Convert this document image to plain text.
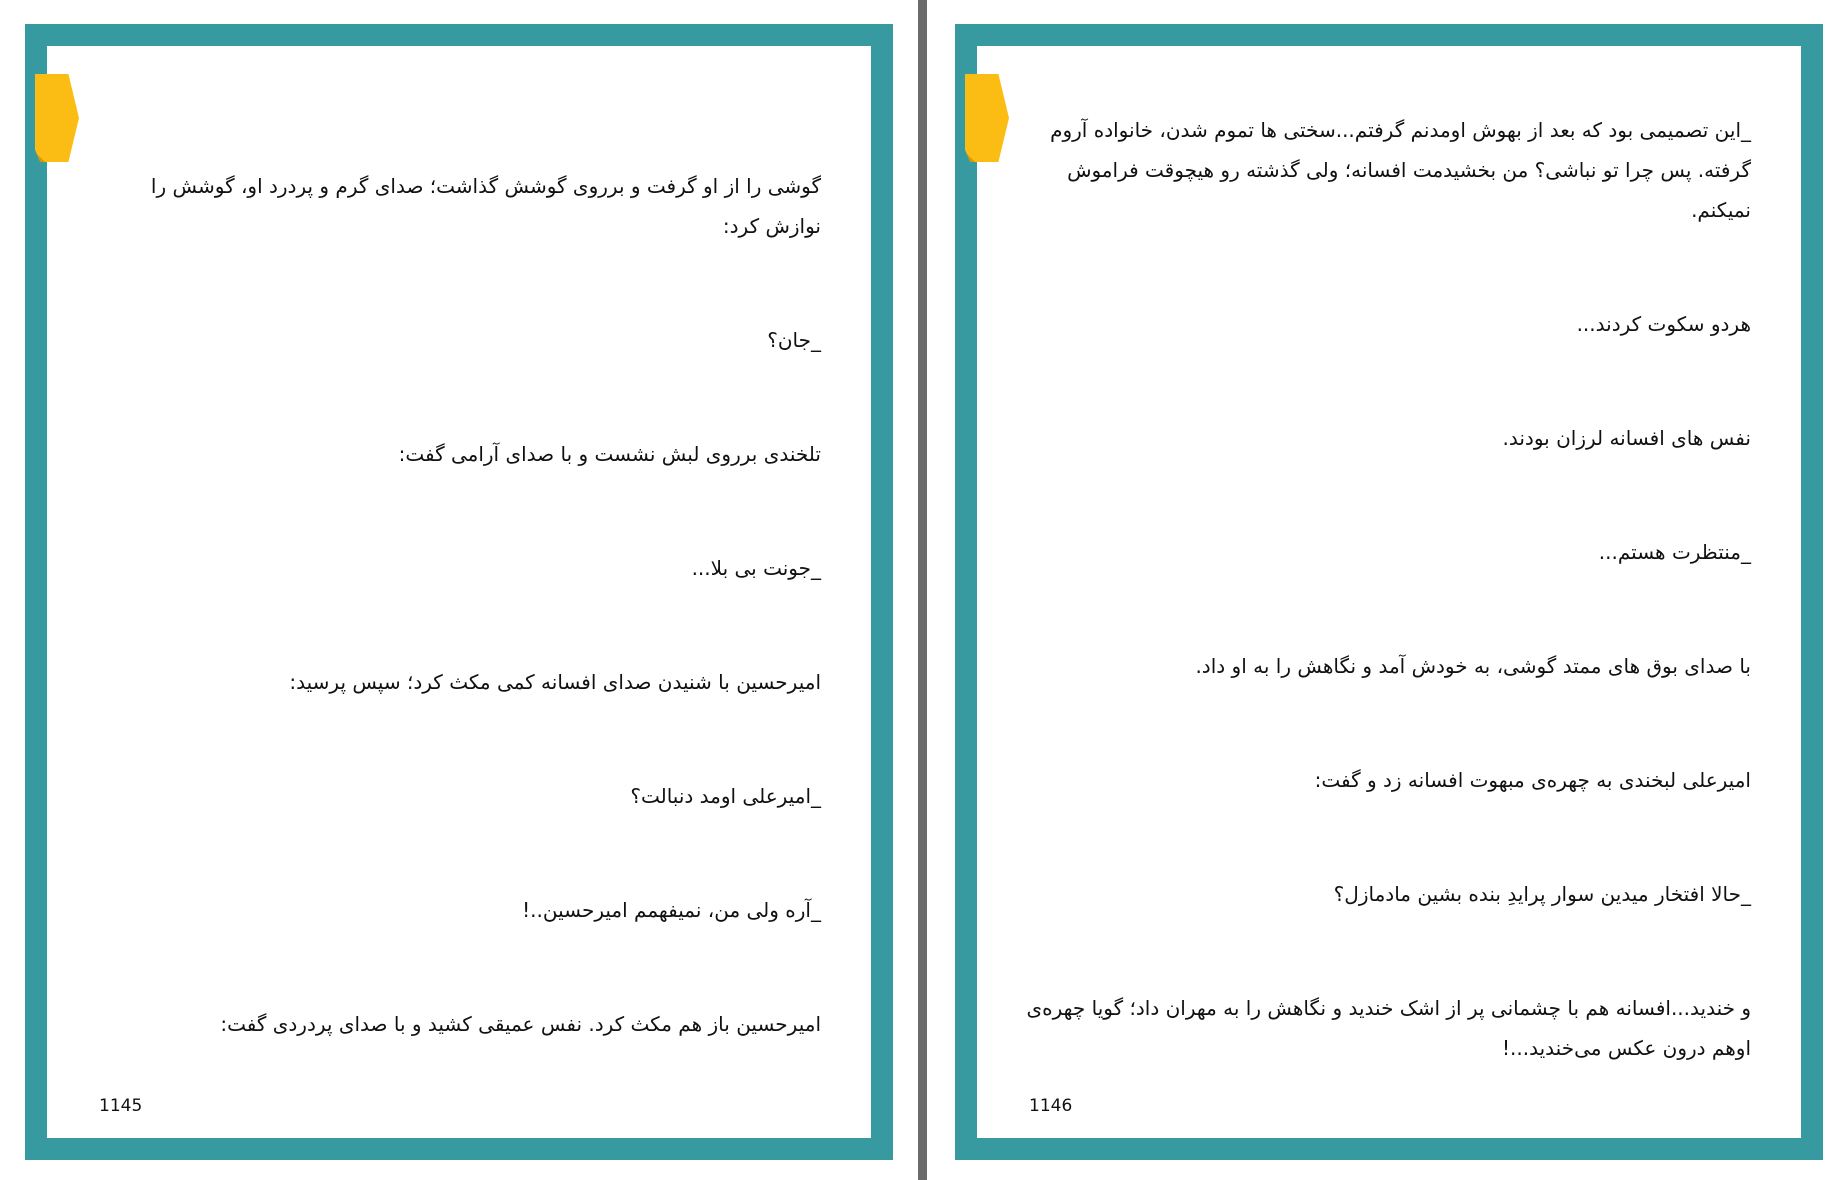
گوشی را از او گرفت و برروی گوشش گذاشت؛ صدای گرم و پردرد او، گوشش را نوازش کرد:

_جان؟

تلخندی برروی لبش نشست و با صدای آرامی گفت:

_جونت بی بلا...

امیرحسین با شنیدن صدای افسانه کمی مکث کرد؛ سپس پرسید:

_امیرعلی اومد دنبالت؟

_آره ولی من، نمیفهمم امیرحسین..!

امیرحسین باز هم مکث کرد. نفس عمیقی کشید و با صدای پردردی گفت:

1145

_این تصمیمی بود که بعد از بهوش اومدنم گرفتم...سختی ها تموم شدن، خانواده آروم گرفته. پس چرا تو نباشی؟ من بخشیدمت افسانه؛ ولی گذشته رو هیچوقت فراموش نمیکنم.

هردو سکوت کردند...

نفس های افسانه لرزان بودند.

_منتظرت هستم...

با صدای بوق های ممتد گوشی، به خودش آمد و نگاهش را به او داد.

امیرعلی لبخندی به چهره‌ی مبهوت افسانه زد و گفت:

_حالا افتخار میدین سوار پرایدِ بنده بشین مادمازل؟

و خندید...افسانه هم با چشمانی پر از اشک خندید و نگاهش را به مهران داد؛ گویا چهره‌ی اوهم درون عکس می‌خندید...!

1146
